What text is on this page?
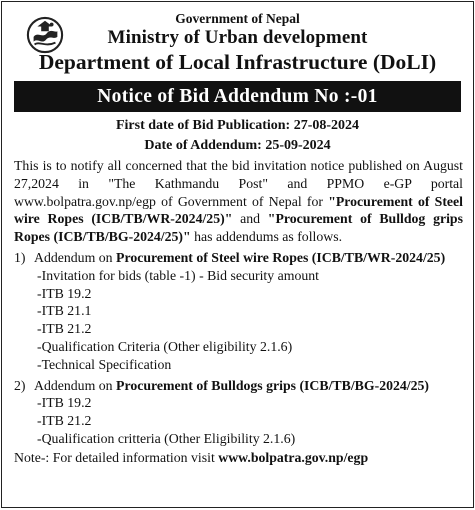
Government of Nepal
Ministry of Urban development
Department of Local Infrastructure (DoLI)
Notice of Bid Addendum No :-01
First date of Bid Publication: 27-08-2024
Date of Addendum: 25-09-2024
This is to notify all concerned that the bid invitation notice published on August 27,2024 in "The Kathmandu Post" and PPMO e-GP portal www.bolpatra.gov.np/egp of Government of Nepal for "Procurement of Steel wire Ropes (ICB/TB/WR-2024/25)" and "Procurement of Bulldog grips Ropes (ICB/TB/BG-2024/25)" has addendums as follows.
1) Addendum on Procurement of Steel wire Ropes (ICB/TB/WR-2024/25)
-Invitation for bids (table -1) - Bid security amount
-ITB 19.2
-ITB 21.1
-ITB 21.2
-Qualification Criteria (Other eligibility 2.1.6)
-Technical Specification
2) Addendum on Procurement of Bulldogs grips (ICB/TB/BG-2024/25)
-ITB 19.2
-ITB 21.2
-Qualification critteria (Other Eligibility 2.1.6)
Note-: For detailed information visit www.bolpatra.gov.np/egp
